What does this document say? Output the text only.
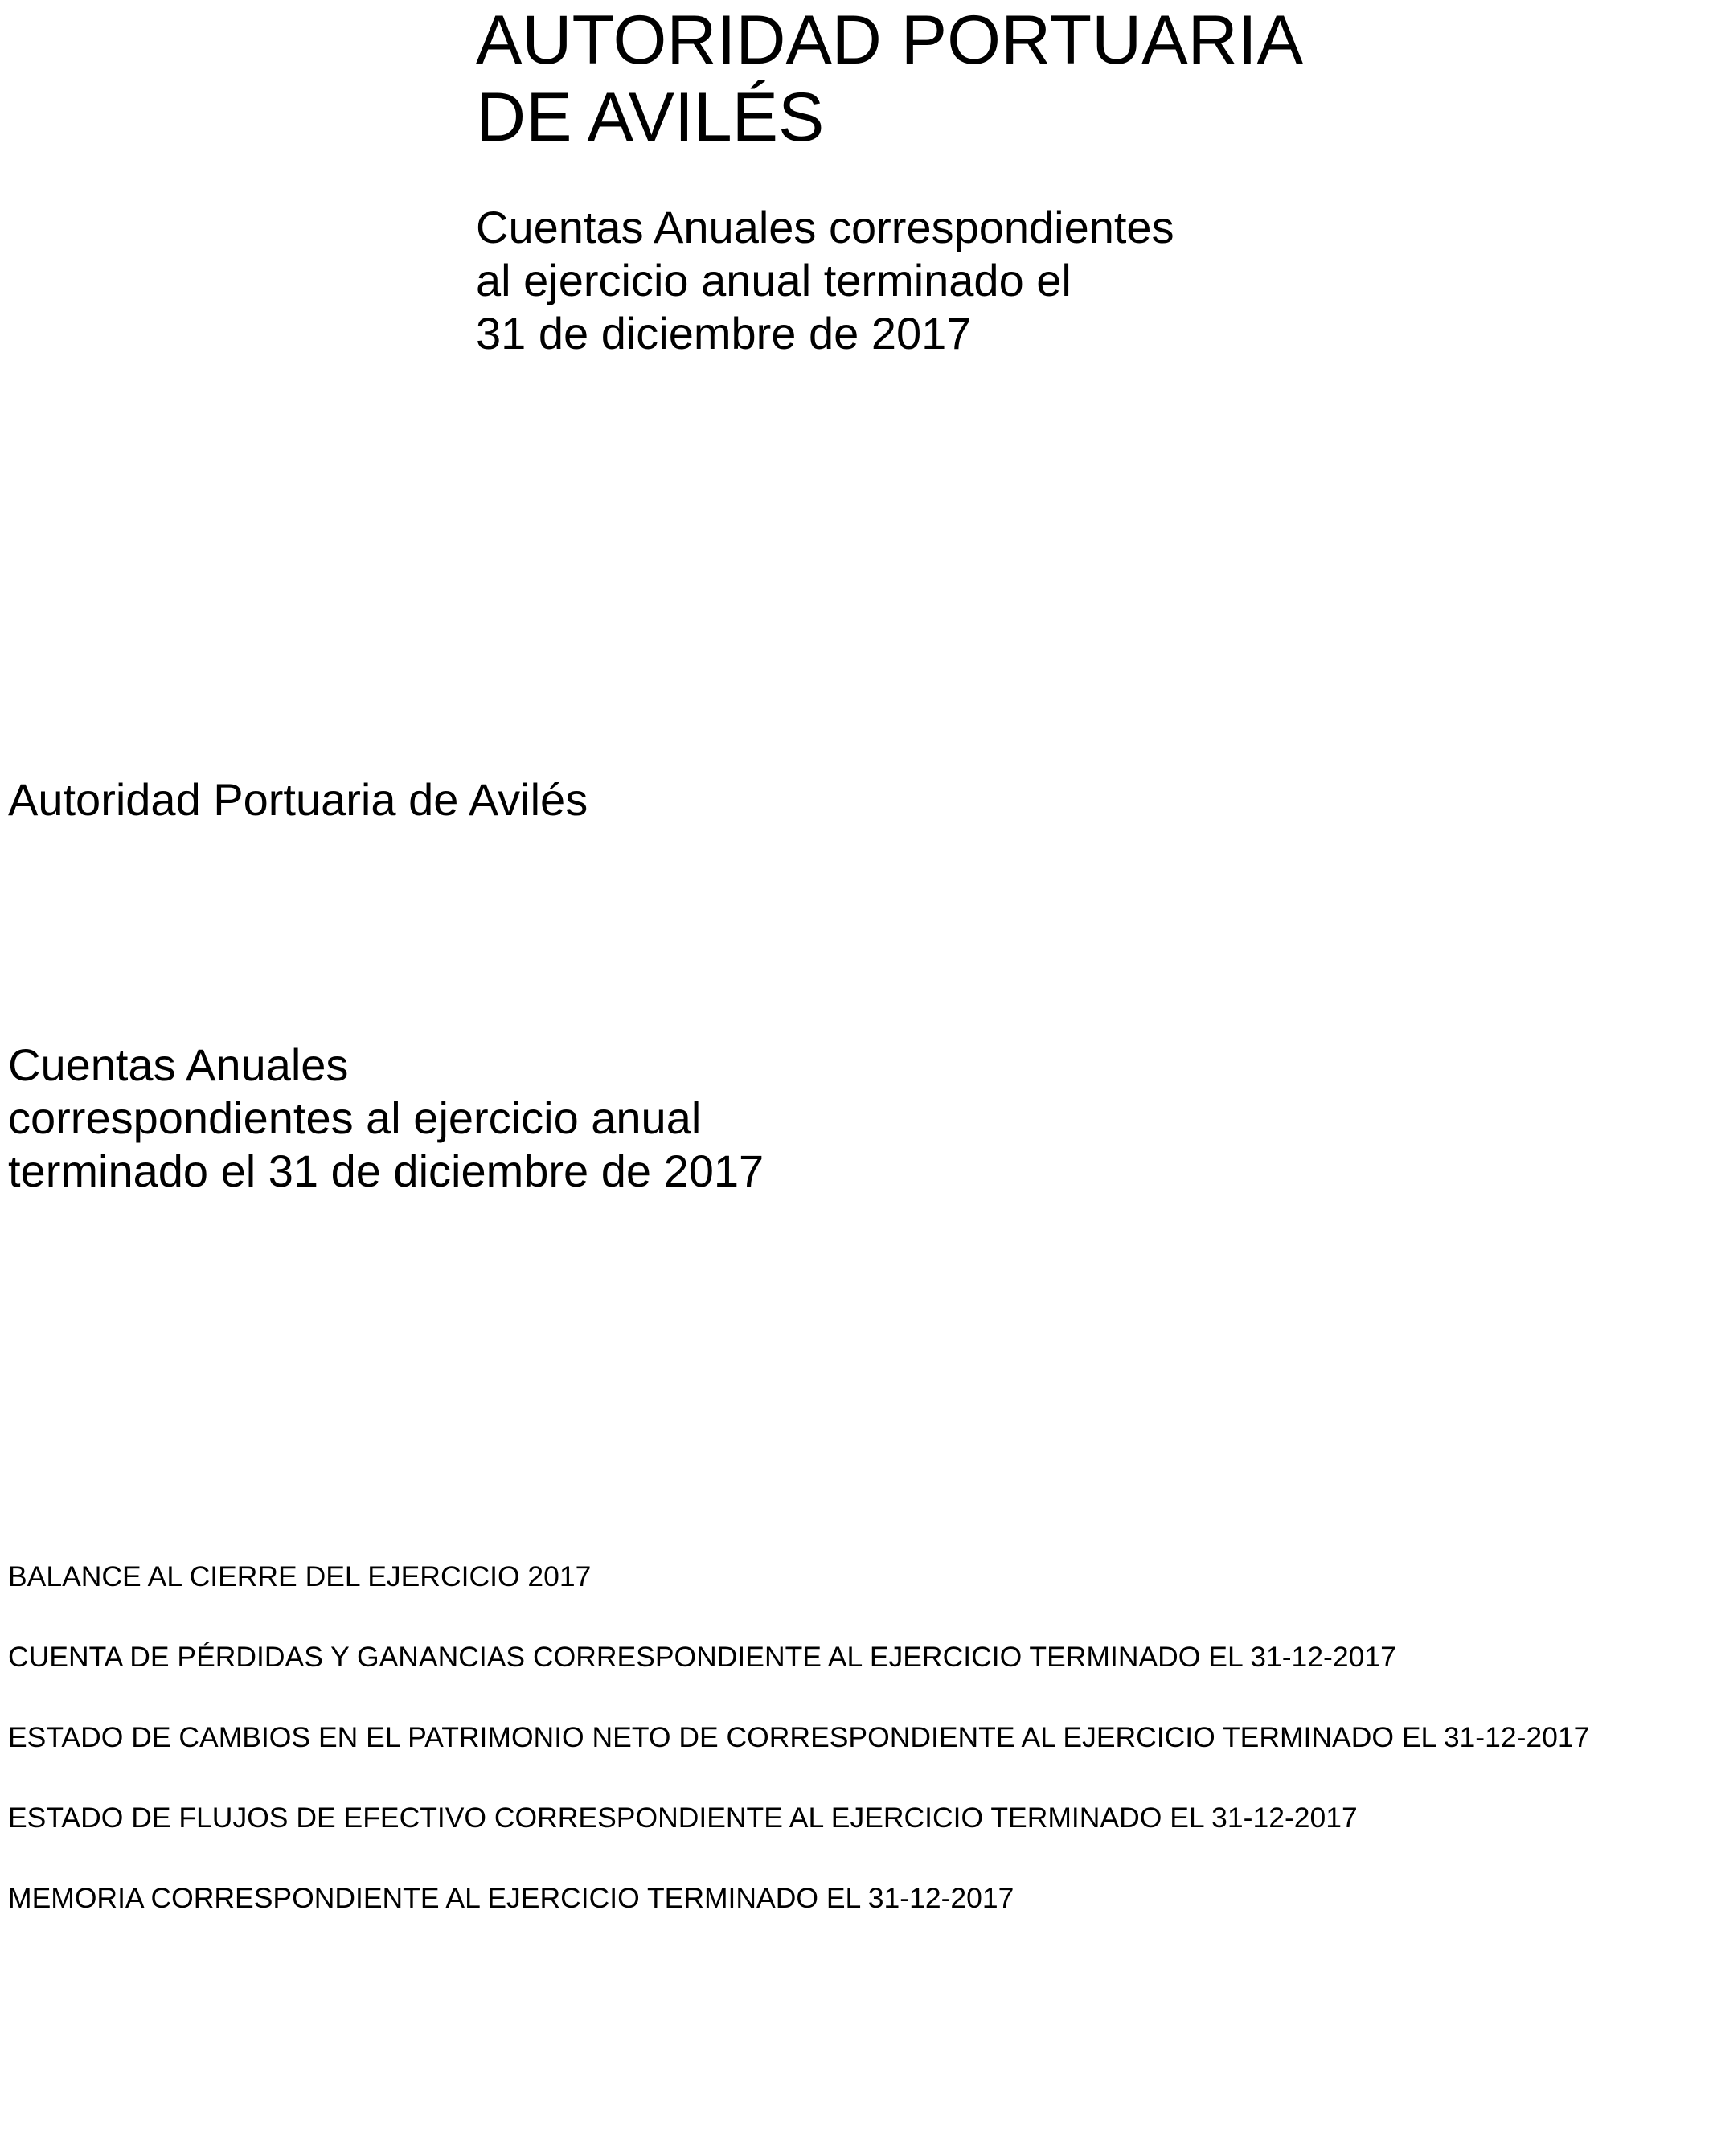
AUTORIDAD PORTUARIA
DE AVILÉS
Cuentas Anuales correspondientes
al ejercicio anual terminado el
31 de diciembre de 2017
Autoridad Portuaria de Avilés
Cuentas Anuales
correspondientes al ejercicio anual
terminado el 31 de diciembre de 2017
BALANCE AL CIERRE DEL EJERCICIO 2017
CUENTA DE PÉRDIDAS Y GANANCIAS CORRESPONDIENTE AL EJERCICIO TERMINADO EL 31-12-2017
ESTADO DE CAMBIOS EN EL PATRIMONIO NETO DE CORRESPONDIENTE AL EJERCICIO TERMINADO EL 31-12-2017
ESTADO DE FLUJOS DE EFECTIVO CORRESPONDIENTE AL EJERCICIO TERMINADO EL 31-12-2017
MEMORIA CORRESPONDIENTE AL EJERCICIO TERMINADO EL 31-12-2017
